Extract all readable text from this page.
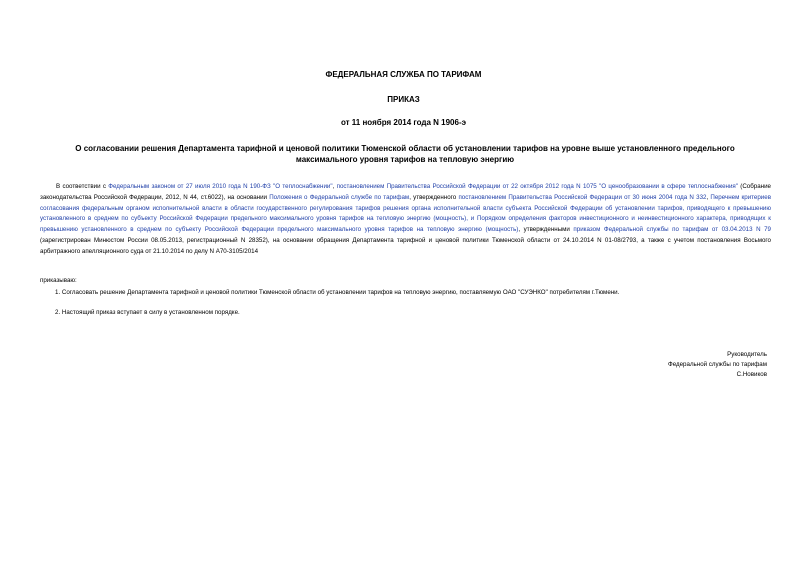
ФЕДЕРАЛЬНАЯ СЛУЖБА ПО ТАРИФАМ
ПРИКАЗ
от 11 ноября 2014 года N 1906-э
О согласовании решения Департамента тарифной и ценовой политики Тюменской области об установлении тарифов на уровне выше установленного предельного максимального уровня тарифов на тепловую энергию
В соответствии с Федеральным законом от 27 июля 2010 года N 190-ФЗ "О теплоснабжении", постановлением Правительства Российской Федерации от 22 октября 2012 года N 1075 "О ценообразовании в сфере теплоснабжения" (Собрание законодательства Российской Федерации, 2012, N 44, ст.6022), на основании Положения о Федеральной службе по тарифам, утвержденного постановлением Правительства Российской Федерации от 30 июня 2004 года N 332, Перечнем критериев согласования федеральным органом исполнительной власти в области государственного регулирования тарифов решения органа исполнительной власти субъекта Российской Федерации об установлении тарифов, приводящего к превышению установленного в среднем по субъекту Российской Федерации предельного максимального уровня тарифов на тепловую энергию (мощность), и Порядком определения факторов инвестиционного и неинвестиционного характера, приводящих к превышению установленного в среднем по субъекту Российской Федерации предельного максимального уровня тарифов на тепловую энергию (мощность), утвержденными приказом Федеральной службы по тарифам от 03.04.2013 N 79 (зарегистрирован Минюстом России 08.05.2013, регистрационный N 28352), на основании обращения Департамента тарифной и ценовой политики Тюменской области от 24.10.2014 N 01-08/2793, а также с учетом постановления Восьмого арбитражного апелляционного суда от 21.10.2014 по делу N А70-3105/2014
приказываю:
1. Согласовать решение Департамента тарифной и ценовой политики Тюменской области об установлении тарифов на тепловую энергию, поставляемую ОАО "СУЭНКО" потребителям г.Тюмени.
2. Настоящий приказ вступает в силу в установленном порядке.
Руководитель
Федеральной службы по тарифам
С.Новиков
